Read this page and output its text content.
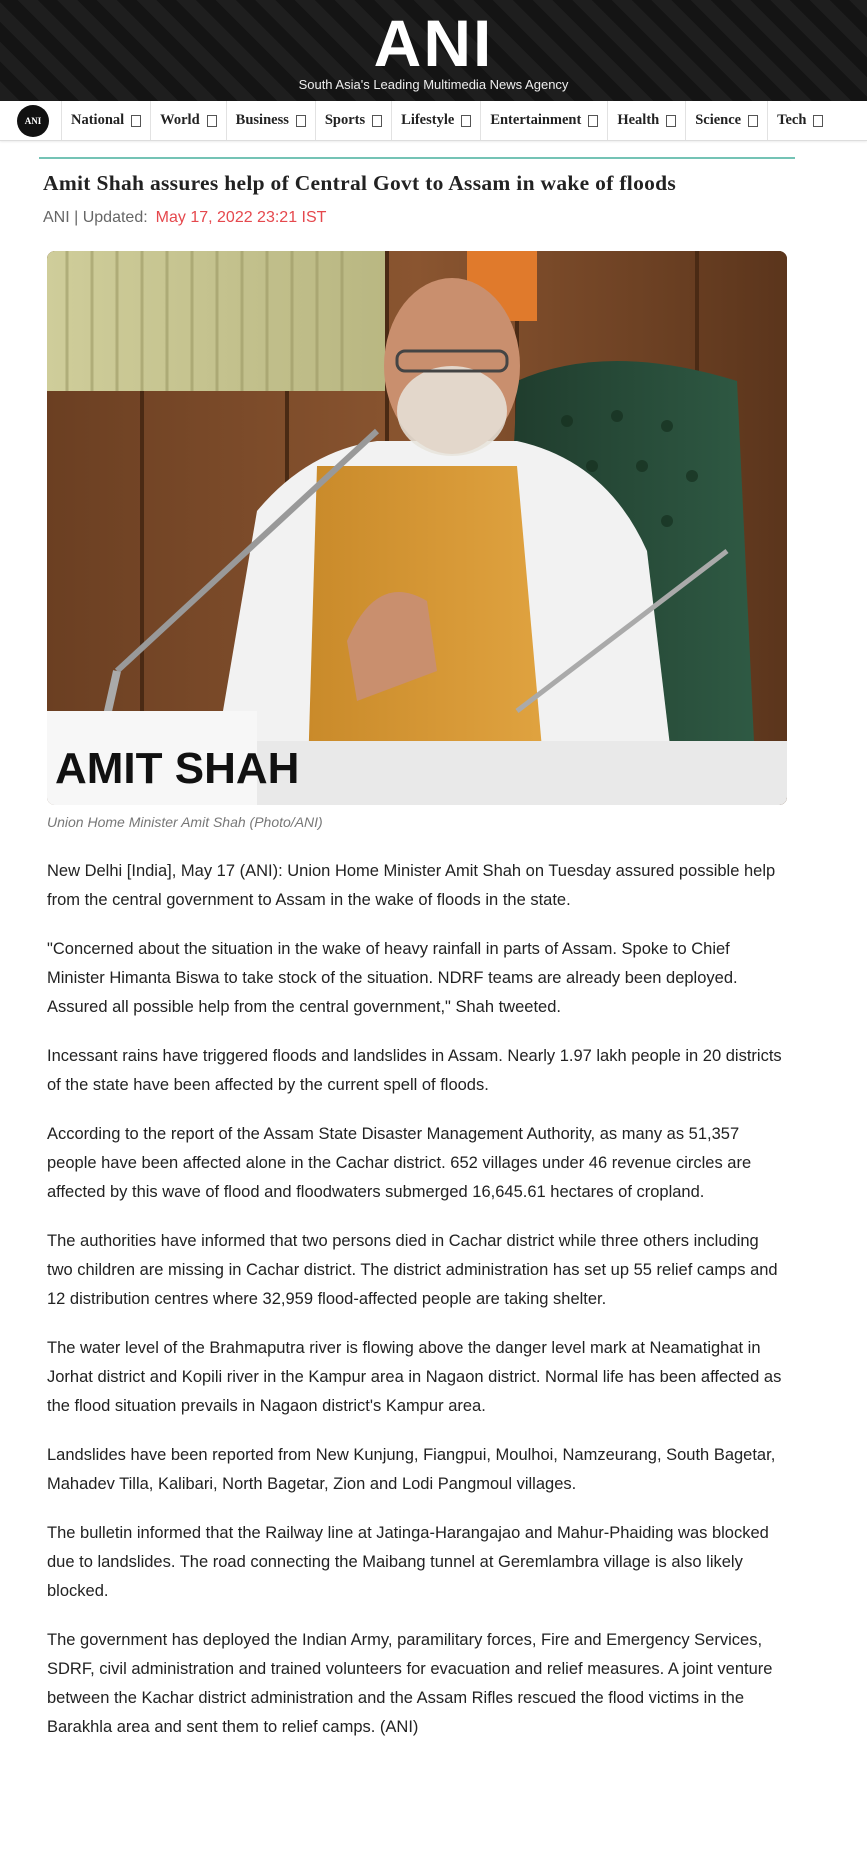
ANI
South Asia's Leading Multimedia News Agency
ANI National World Business Sports Lifestyle Entertainment Health Science Tech
Amit Shah assures help of Central Govt to Assam in wake of floods
ANI | Updated: May 17, 2022 23:21 IST
AMIT SHAH
Union Home Minister Amit Shah (Photo/ANI)

New Delhi [India], May 17 (ANI): Union Home Minister Amit Shah on Tuesday assured possible help from the central government to Assam in the wake of floods in the state.

"Concerned about the situation in the wake of heavy rainfall in parts of Assam. Spoke to Chief Minister Himanta Biswa to take stock of the situation. NDRF teams are already been deployed. Assured all possible help from the central government," Shah tweeted.

Incessant rains have triggered floods and landslides in Assam. Nearly 1.97 lakh people in 20 districts of the state have been affected by the current spell of floods.

According to the report of the Assam State Disaster Management Authority, as many as 51,357 people have been affected alone in the Cachar district. 652 villages under 46 revenue circles are affected by this wave of flood and floodwaters submerged 16,645.61 hectares of cropland.

The authorities have informed that two persons died in Cachar district while three others including two children are missing in Cachar district. The district administration has set up 55 relief camps and 12 distribution centres where 32,959 flood-affected people are taking shelter.

The water level of the Brahmaputra river is flowing above the danger level mark at Neamatighat in Jorhat district and Kopili river in the Kampur area in Nagaon district. Normal life has been affected as the flood situation prevails in Nagaon district's Kampur area.

Landslides have been reported from New Kunjung, Fiangpui, Moulhoi, Namzeurang, South Bagetar, Mahadev Tilla, Kalibari, North Bagetar, Zion and Lodi Pangmoul villages.

The bulletin informed that the Railway line at Jatinga-Harangajao and Mahur-Phaiding was blocked due to landslides. The road connecting the Maibang tunnel at Geremlambra village is also likely blocked.

The government has deployed the Indian Army, paramilitary forces, Fire and Emergency Services, SDRF, civil administration and trained volunteers for evacuation and relief measures. A joint venture between the Kachar district administration and the Assam Rifles rescued the flood victims in the Barakhla area and sent them to relief camps. (ANI)
